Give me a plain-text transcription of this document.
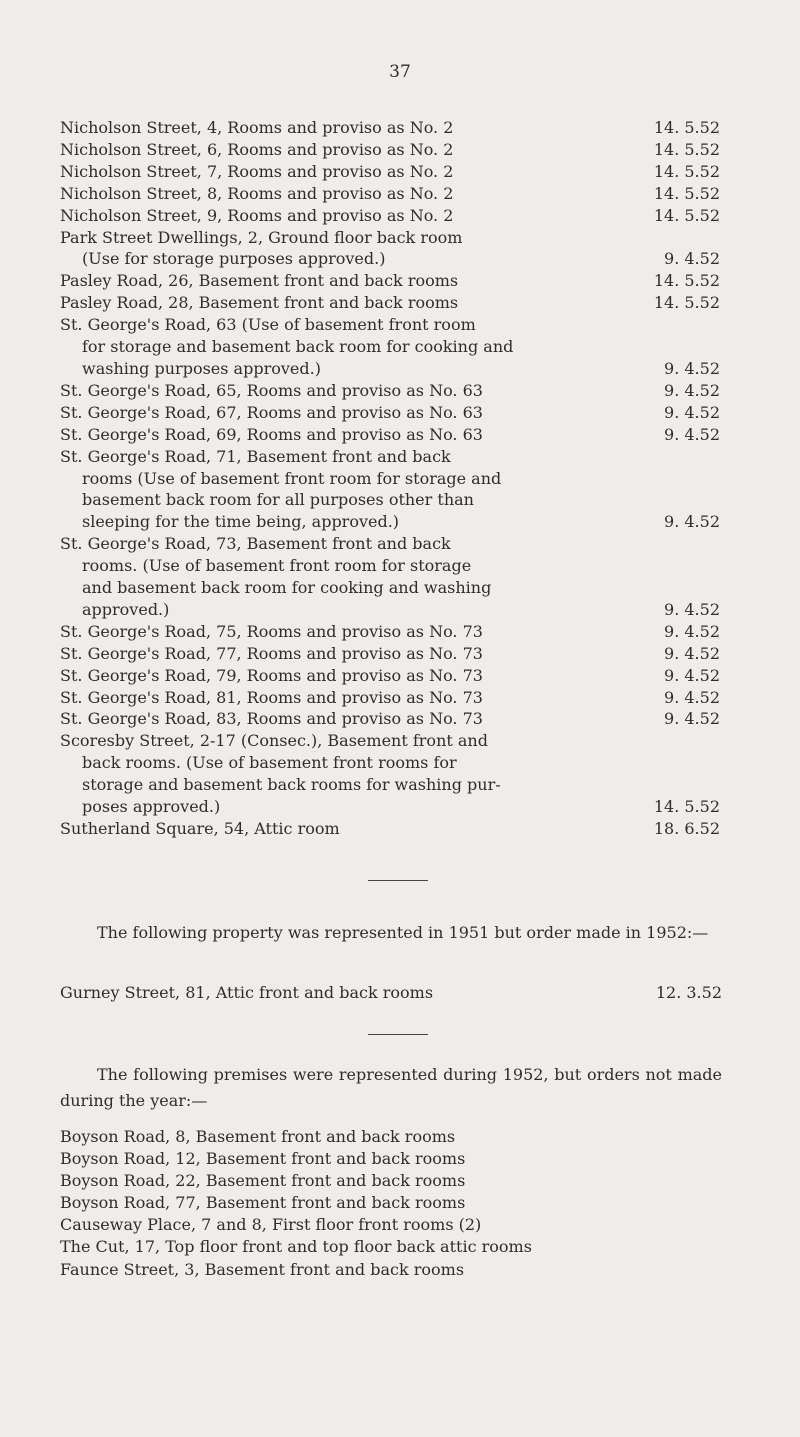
37
Nicholson Street, 4, Rooms and proviso as No. 2	14. 5.52
Nicholson Street, 6, Rooms and proviso as No. 2	14. 5.52
Nicholson Street, 7, Rooms and proviso as No. 2	14. 5.52
Nicholson Street, 8, Rooms and proviso as No. 2	14. 5.52
Nicholson Street, 9, Rooms and proviso as No. 2	14. 5.52
Park Street Dwellings, 2, Ground floor back room
(Use for storage purposes approved.)	9. 4.52
Pasley Road, 26, Basement front and back rooms	14. 5.52
Pasley Road, 28, Basement front and back rooms	14. 5.52
St. George's Road, 63 (Use of basement front room
for storage and basement back room for cooking and
washing purposes approved.)	9. 4.52
St. George's Road, 65, Rooms and proviso as No. 63	9. 4.52
St. George's Road, 67, Rooms and proviso as No. 63	9. 4.52
St. George's Road, 69, Rooms and proviso as No. 63	9. 4.52
St. George's Road, 71, Basement front and back
rooms (Use of basement front room for storage and
basement back room for all purposes other than
sleeping for the time being, approved.)	9. 4.52
St. George's Road, 73, Basement front and back
rooms. (Use of basement front room for storage
and basement back room for cooking and washing
approved.)	9. 4.52
St. George's Road, 75, Rooms and proviso as No. 73	9. 4.52
St. George's Road, 77, Rooms and proviso as No. 73	9. 4.52
St. George's Road, 79, Rooms and proviso as No. 73	9. 4.52
St. George's Road, 81, Rooms and proviso as No. 73	9. 4.52
St. George's Road, 83, Rooms and proviso as No. 73	9. 4.52
Scoresby Street, 2-17 (Consec.), Basement front and
back rooms. (Use of basement front rooms for
storage and basement back rooms for washing pur-
poses approved.)	14. 5.52
Sutherland Square, 54, Attic room	18. 6.52
The following property was represented in 1951 but order made in 1952:—
Gurney Street, 81, Attic front and back rooms	12. 3.52
The following premises were represented during 1952, but orders not made during the year:—
Boyson Road, 8, Basement front and back rooms
Boyson Road, 12, Basement front and back rooms
Boyson Road, 22, Basement front and back rooms
Boyson Road, 77, Basement front and back rooms
Causeway Place, 7 and 8, First floor front rooms (2)
The Cut, 17, Top floor front and top floor back attic rooms
Faunce Street, 3, Basement front and back rooms
